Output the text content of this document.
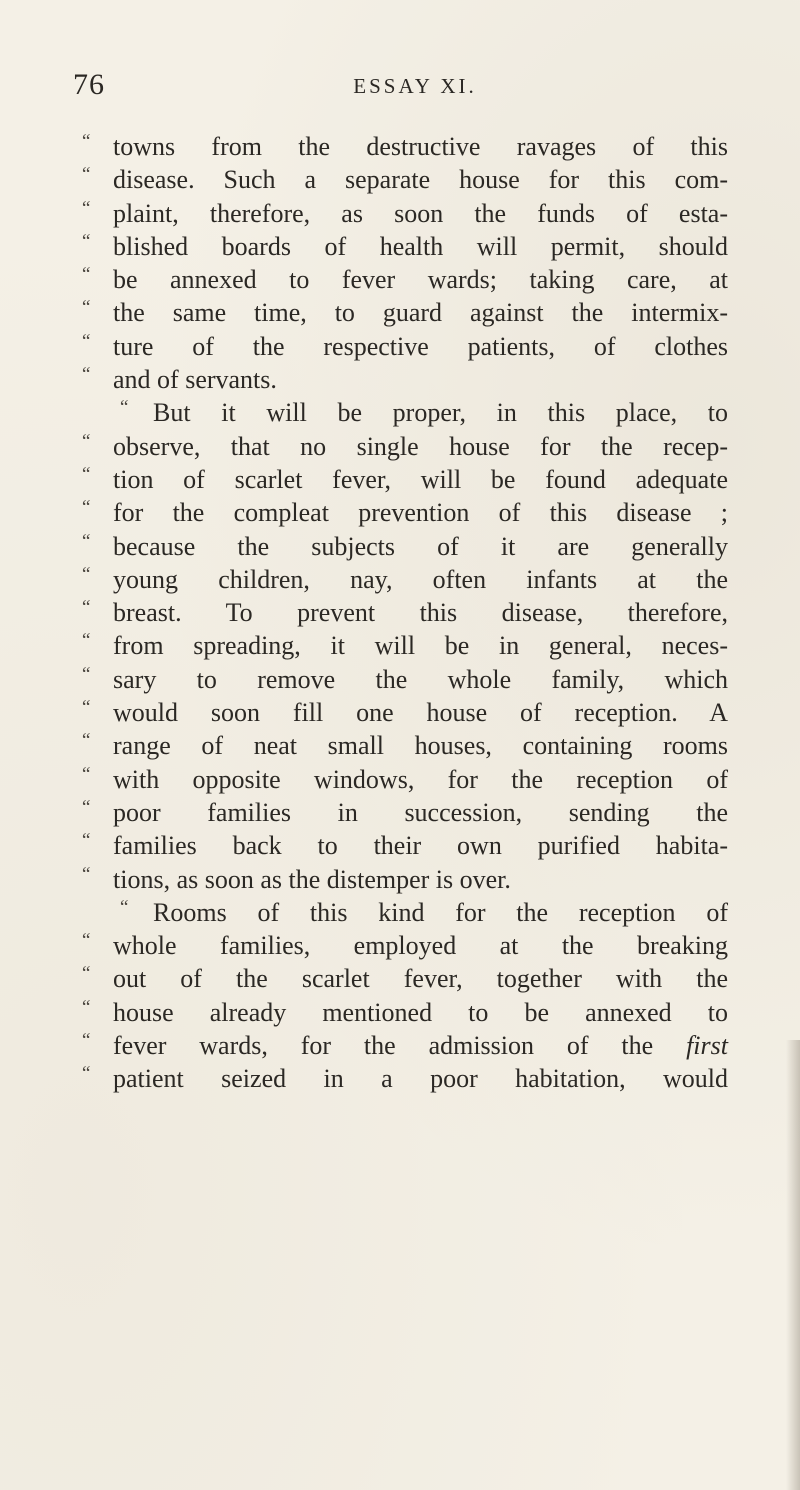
76	ESSAY XI.
“ towns from the destructive ravages of this
“ disease. Such a separate house for this com-
“ plaint, therefore, as soon the funds of esta-
“ blished boards of health will permit, should
“ be annexed to fever wards; taking care, at
“ the same time, to guard against the intermix-
“ ture of the respective patients, of clothes
“ and of servants.
“ But it will be proper, in this place, to
“ observe, that no single house for the recep-
“ tion of scarlet fever, will be found adequate
“ for the compleat prevention of this disease ;
“ because the subjects of it are generally
“ young children, nay, often infants at the
“ breast. To prevent this disease, therefore,
“ from spreading, it will be in general, neces-
“ sary to remove the whole family, which
“ would soon fill one house of reception. A
“ range of neat small houses, containing rooms
“ with opposite windows, for the reception of
“ poor families in succession, sending the
“ families back to their own purified habita-
“ tions, as soon as the distemper is over.
“ Rooms of this kind for the reception of
“ whole families, employed at the breaking
“ out of the scarlet fever, together with the
“ house already mentioned to be annexed to
“ fever wards, for the admission of the first
“ patient seized in a poor habitation, would
